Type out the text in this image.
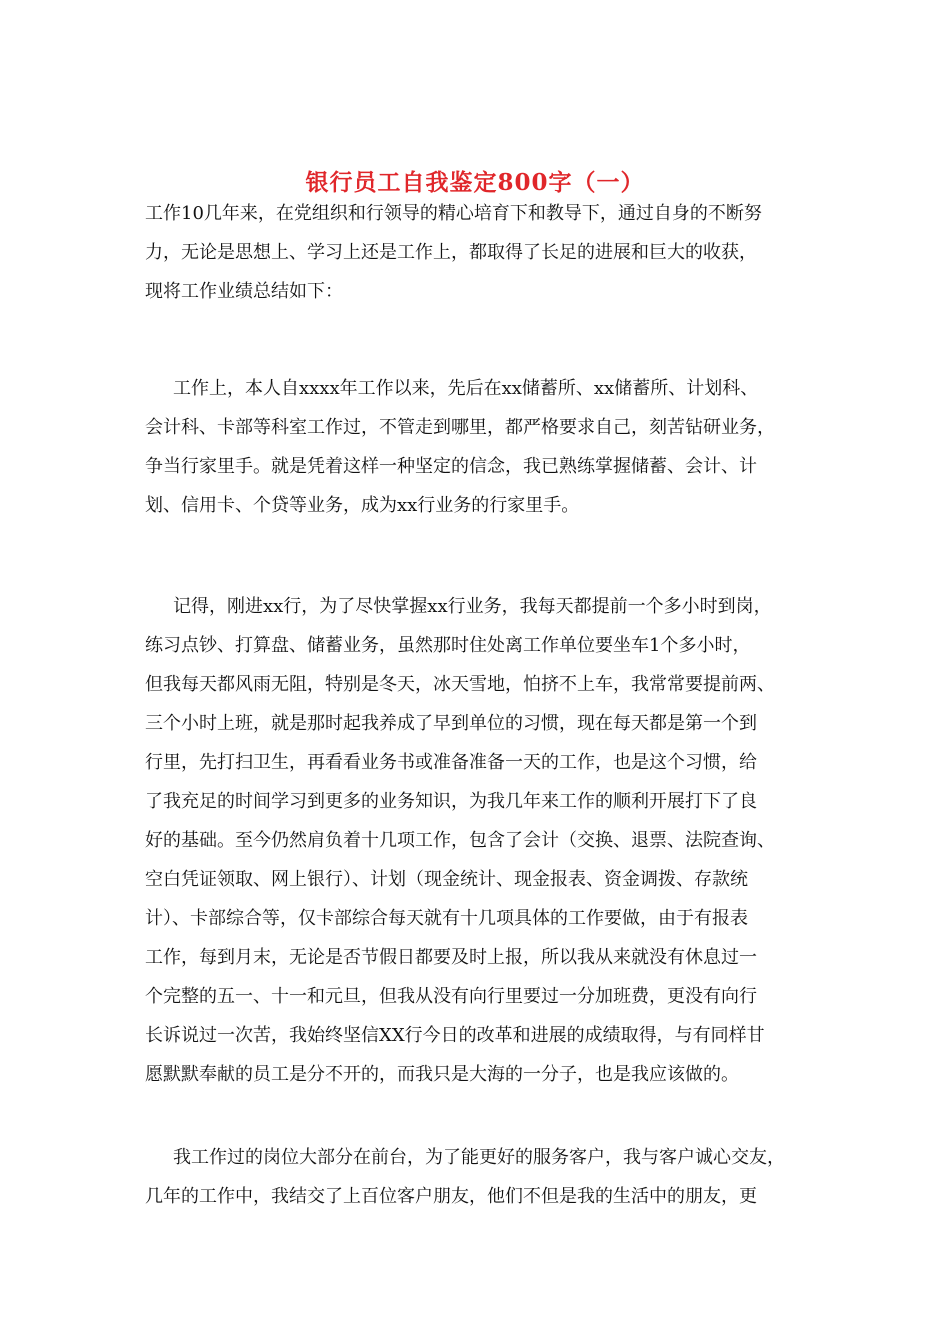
银行员工自我鉴定800字（一）
工作10几年来，在党组织和行领导的精心培育下和教导下，通过自身的不断努
力，无论是思想上、学习上还是工作上，都取得了长足的进展和巨大的收获，
现将工作业绩总结如下：
工作上，本人自xxxx年工作以来，先后在xx储蓄所、xx储蓄所、计划科、
会计科、卡部等科室工作过，不管走到哪里，都严格要求自己，刻苦钻研业务，
争当行家里手。就是凭着这样一种坚定的信念，我已熟练掌握储蓄、会计、计
划、信用卡、个贷等业务，成为xx行业务的行家里手。
记得，刚进xx行，为了尽快掌握xx行业务，我每天都提前一个多小时到岗，
练习点钞、打算盘、储蓄业务，虽然那时住处离工作单位要坐车1个多小时，
但我每天都风雨无阻，特别是冬天，冰天雪地，怕挤不上车，我常常要提前两、
三个小时上班，就是那时起我养成了早到单位的习惯，现在每天都是第一个到
行里，先打扫卫生，再看看业务书或准备准备一天的工作，也是这个习惯，给
了我充足的时间学习到更多的业务知识，为我几年来工作的顺利开展打下了良
好的基础。至今仍然肩负着十几项工作，包含了会计（交换、退票、法院查询、
空白凭证领取、网上银行）、计划（现金统计、现金报表、资金调拨、存款统
计）、卡部综合等，仅卡部综合每天就有十几项具体的工作要做，由于有报表
工作，每到月末，无论是否节假日都要及时上报，所以我从来就没有休息过一
个完整的五一、十一和元旦，但我从没有向行里要过一分加班费，更没有向行
长诉说过一次苦，我始终坚信XX行今日的改革和进展的成绩取得，与有同样甘
愿默默奉献的员工是分不开的，而我只是大海的一分子，也是我应该做的。
我工作过的岗位大部分在前台，为了能更好的服务客户，我与客户诚心交友，
几年的工作中，我结交了上百位客户朋友，他们不但是我的生活中的朋友，更
